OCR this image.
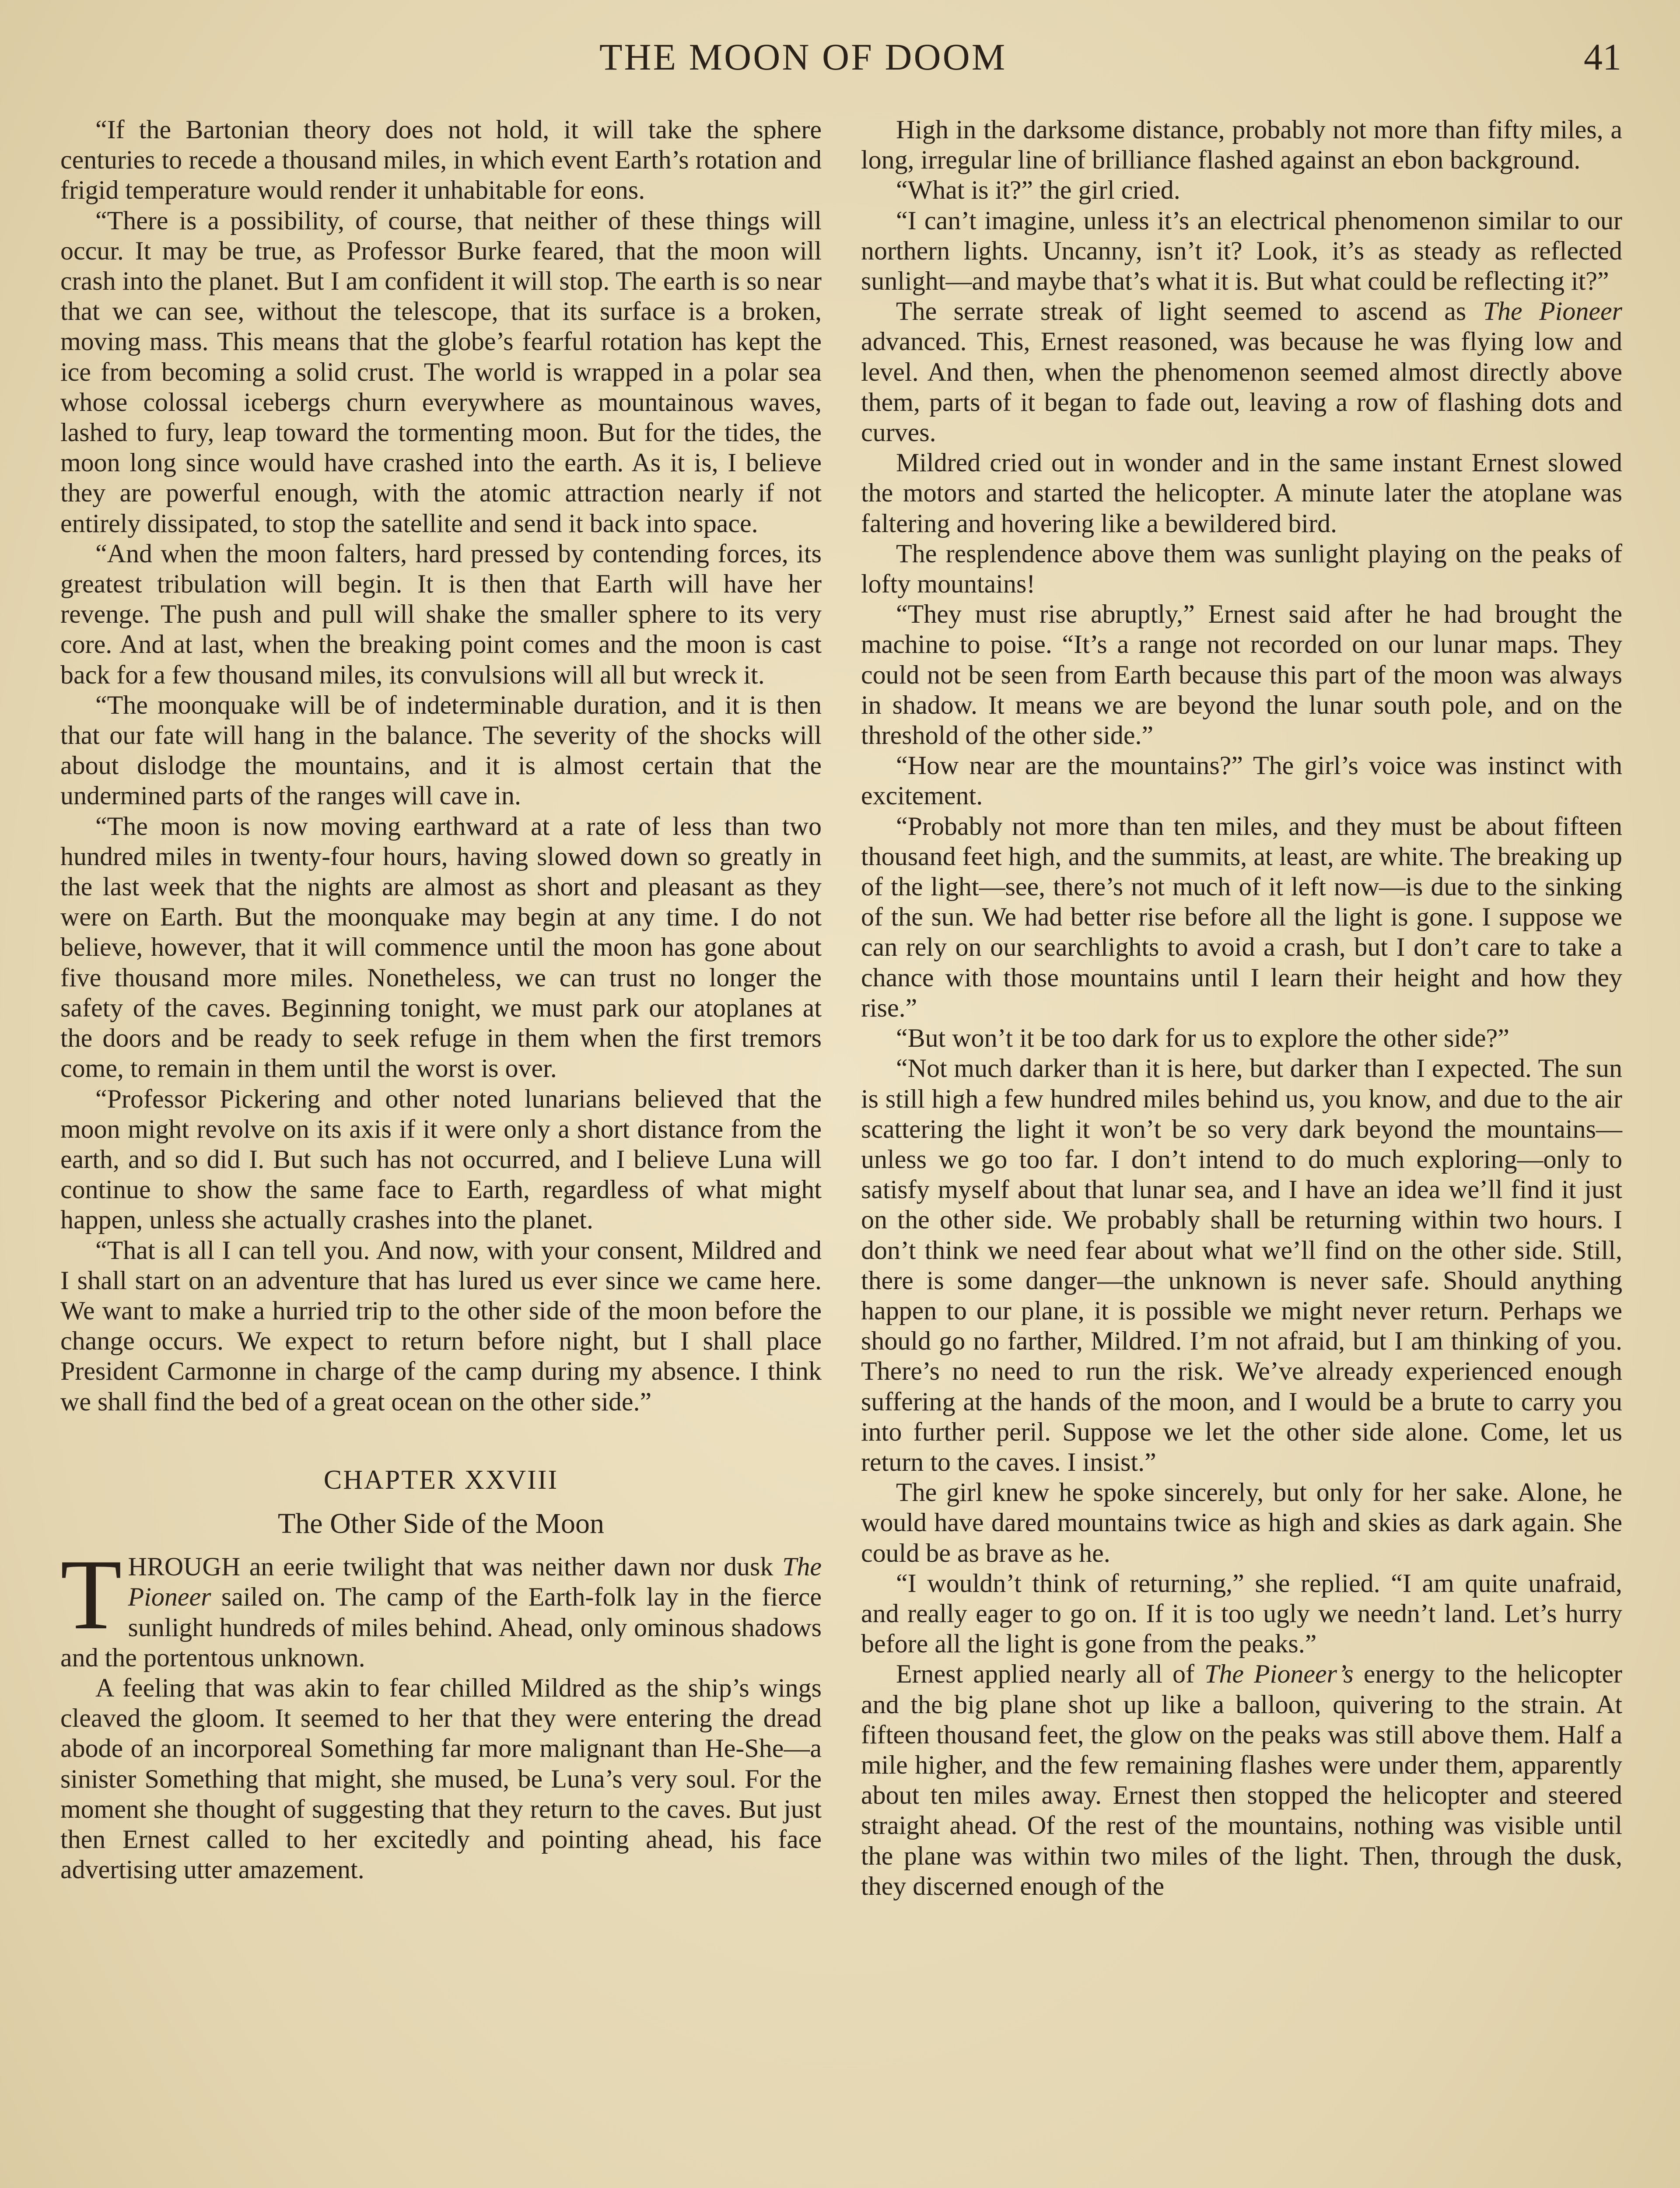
THE MOON OF DOOM	41

“If the Bartonian theory does not hold, it will take the sphere centuries to recede a thousand miles, in which event Earth’s rotation and frigid temperature would render it unhabitable for eons.

“There is a possibility, of course, that neither of these things will occur. It may be true, as Professor Burke feared, that the moon will crash into the planet. But I am confident it will stop. The earth is so near that we can see, without the telescope, that its surface is a broken, moving mass. This means that the globe’s fearful rotation has kept the ice from becoming a solid crust. The world is wrapped in a polar sea whose colossal icebergs churn everywhere as mountainous waves, lashed to fury, leap toward the tormenting moon. But for the tides, the moon long since would have crashed into the earth. As it is, I believe they are powerful enough, with the atomic attraction nearly if not entirely dissipated, to stop the satellite and send it back into space.

“And when the moon falters, hard pressed by contending forces, its greatest tribulation will begin. It is then that Earth will have her revenge. The push and pull will shake the smaller sphere to its very core. And at last, when the breaking point comes and the moon is cast back for a few thousand miles, its convulsions will all but wreck it.

“The moonquake will be of indeterminable duration, and it is then that our fate will hang in the balance. The severity of the shocks will about dislodge the mountains, and it is almost certain that the undermined parts of the ranges will cave in.

“The moon is now moving earthward at a rate of less than two hundred miles in twenty-four hours, having slowed down so greatly in the last week that the nights are almost as short and pleasant as they were on Earth. But the moonquake may begin at any time. I do not believe, however, that it will commence until the moon has gone about five thousand more miles. Nonetheless, we can trust no longer the safety of the caves. Beginning tonight, we must park our atoplanes at the doors and be ready to seek refuge in them when the first tremors come, to remain in them until the worst is over.

“Professor Pickering and other noted lunarians believed that the moon might revolve on its axis if it were only a short distance from the earth, and so did I. But such has not occurred, and I believe Luna will continue to show the same face to Earth, regardless of what might happen, unless she actually crashes into the planet.

“That is all I can tell you. And now, with your consent, Mildred and I shall start on an adventure that has lured us ever since we came here. We want to make a hurried trip to the other side of the moon before the change occurs. We expect to return before night, but I shall place President Carmonne in charge of the camp during my absence. I think we shall find the bed of a great ocean on the other side.”

CHAPTER XXVIII
The Other Side of the Moon

THROUGH an eerie twilight that was neither dawn nor dusk The Pioneer sailed on. The camp of the Earth-folk lay in the fierce sunlight hundreds of miles behind. Ahead, only ominous shadows and the portentous unknown.

A feeling that was akin to fear chilled Mildred as the ship’s wings cleaved the gloom. It seemed to her that they were entering the dread abode of an incorporeal Something far more malignant than He-She—a sinister Something that might, she mused, be Luna’s very soul. For the moment she thought of suggesting that they return to the caves. But just then Ernest called to her excitedly and pointing ahead, his face advertising utter amazement.

High in the darksome distance, probably not more than fifty miles, a long, irregular line of brilliance flashed against an ebon background.

“What is it?” the girl cried.

“I can’t imagine, unless it’s an electrical phenomenon similar to our northern lights. Uncanny, isn’t it? Look, it’s as steady as reflected sunlight—and maybe that’s what it is. But what could be reflecting it?”

The serrate streak of light seemed to ascend as The Pioneer advanced. This, Ernest reasoned, was because he was flying low and level. And then, when the phenomenon seemed almost directly above them, parts of it began to fade out, leaving a row of flashing dots and curves.

Mildred cried out in wonder and in the same instant Ernest slowed the motors and started the helicopter. A minute later the atoplane was faltering and hovering like a bewildered bird.

The resplendence above them was sunlight playing on the peaks of lofty mountains!

“They must rise abruptly,” Ernest said after he had brought the machine to poise. “It’s a range not recorded on our lunar maps. They could not be seen from Earth because this part of the moon was always in shadow. It means we are beyond the lunar south pole, and on the threshold of the other side.”

“How near are the mountains?” The girl’s voice was instinct with excitement.

“Probably not more than ten miles, and they must be about fifteen thousand feet high, and the summits, at least, are white. The breaking up of the light—see, there’s not much of it left now—is due to the sinking of the sun. We had better rise before all the light is gone. I suppose we can rely on our searchlights to avoid a crash, but I don’t care to take a chance with those mountains until I learn their height and how they rise.”

“But won’t it be too dark for us to explore the other side?”

“Not much darker than it is here, but darker than I expected. The sun is still high a few hundred miles behind us, you know, and due to the air scattering the light it won’t be so very dark beyond the mountains—unless we go too far. I don’t intend to do much exploring—only to satisfy myself about that lunar sea, and I have an idea we’ll find it just on the other side. We probably shall be returning within two hours. I don’t think we need fear about what we’ll find on the other side. Still, there is some danger—the unknown is never safe. Should anything happen to our plane, it is possible we might never return. Perhaps we should go no farther, Mildred. I’m not afraid, but I am thinking of you. There’s no need to run the risk. We’ve already experienced enough suffering at the hands of the moon, and I would be a brute to carry you into further peril. Suppose we let the other side alone. Come, let us return to the caves. I insist.”

The girl knew he spoke sincerely, but only for her sake. Alone, he would have dared mountains twice as high and skies as dark again. She could be as brave as he.

“I wouldn’t think of returning,” she replied. “I am quite unafraid, and really eager to go on. If it is too ugly we needn’t land. Let’s hurry before all the light is gone from the peaks.”

Ernest applied nearly all of The Pioneer’s energy to the helicopter and the big plane shot up like a balloon, quivering to the strain. At fifteen thousand feet, the glow on the peaks was still above them. Half a mile higher, and the few remaining flashes were under them, apparently about ten miles away. Ernest then stopped the helicopter and steered straight ahead. Of the rest of the mountains, nothing was visible until the plane was within two miles of the light. Then, through the dusk, they discerned enough of the
